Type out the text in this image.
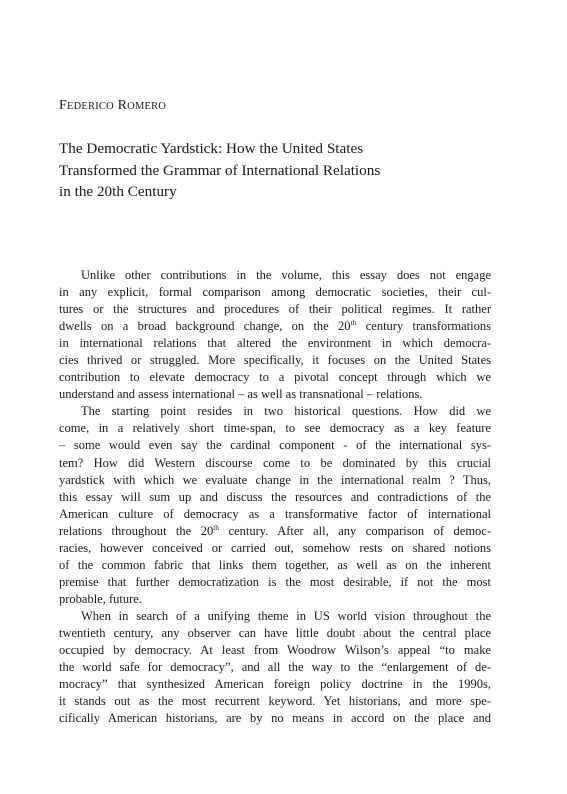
FEDERICO ROMERO
The Democratic Yardstick: How the United States
Transformed the Grammar of International Relations
in the 20th Century
Unlike other contributions in the volume, this essay does not engage
in any explicit, formal comparison among democratic societies, their cul-
tures or the structures and procedures of their political regimes. It rather
dwells on a broad background change, on the 20th century transformations
in international relations that altered the environment in which democra-
cies thrived or struggled. More specifically, it focuses on the United States
contribution to elevate democracy to a pivotal concept through which we
understand and assess international – as well as transnational – relations.
The starting point resides in two historical questions. How did we
come, in a relatively short time-span, to see democracy as a key feature
– some would even say the cardinal component - of the international sys-
tem? How did Western discourse come to be dominated by this crucial
yardstick with which we evaluate change in the international realm ? Thus,
this essay will sum up and discuss the resources and contradictions of the
American culture of democracy as a transformative factor of international
relations throughout the 20th century. After all, any comparison of democ-
racies, however conceived or carried out, somehow rests on shared notions
of the common fabric that links them together, as well as on the inherent
premise that further democratization is the most desirable, if not the most
probable, future.
When in search of a unifying theme in US world vision throughout the
twentieth century, any observer can have little doubt about the central place
occupied by democracy. At least from Woodrow Wilson’s appeal “to make
the world safe for democracy”, and all the way to the “enlargement of de-
mocracy” that synthesized American foreign policy doctrine in the 1990s,
it stands out as the most recurrent keyword. Yet historians, and more spe-
cifically American historians, are by no means in accord on the place and
